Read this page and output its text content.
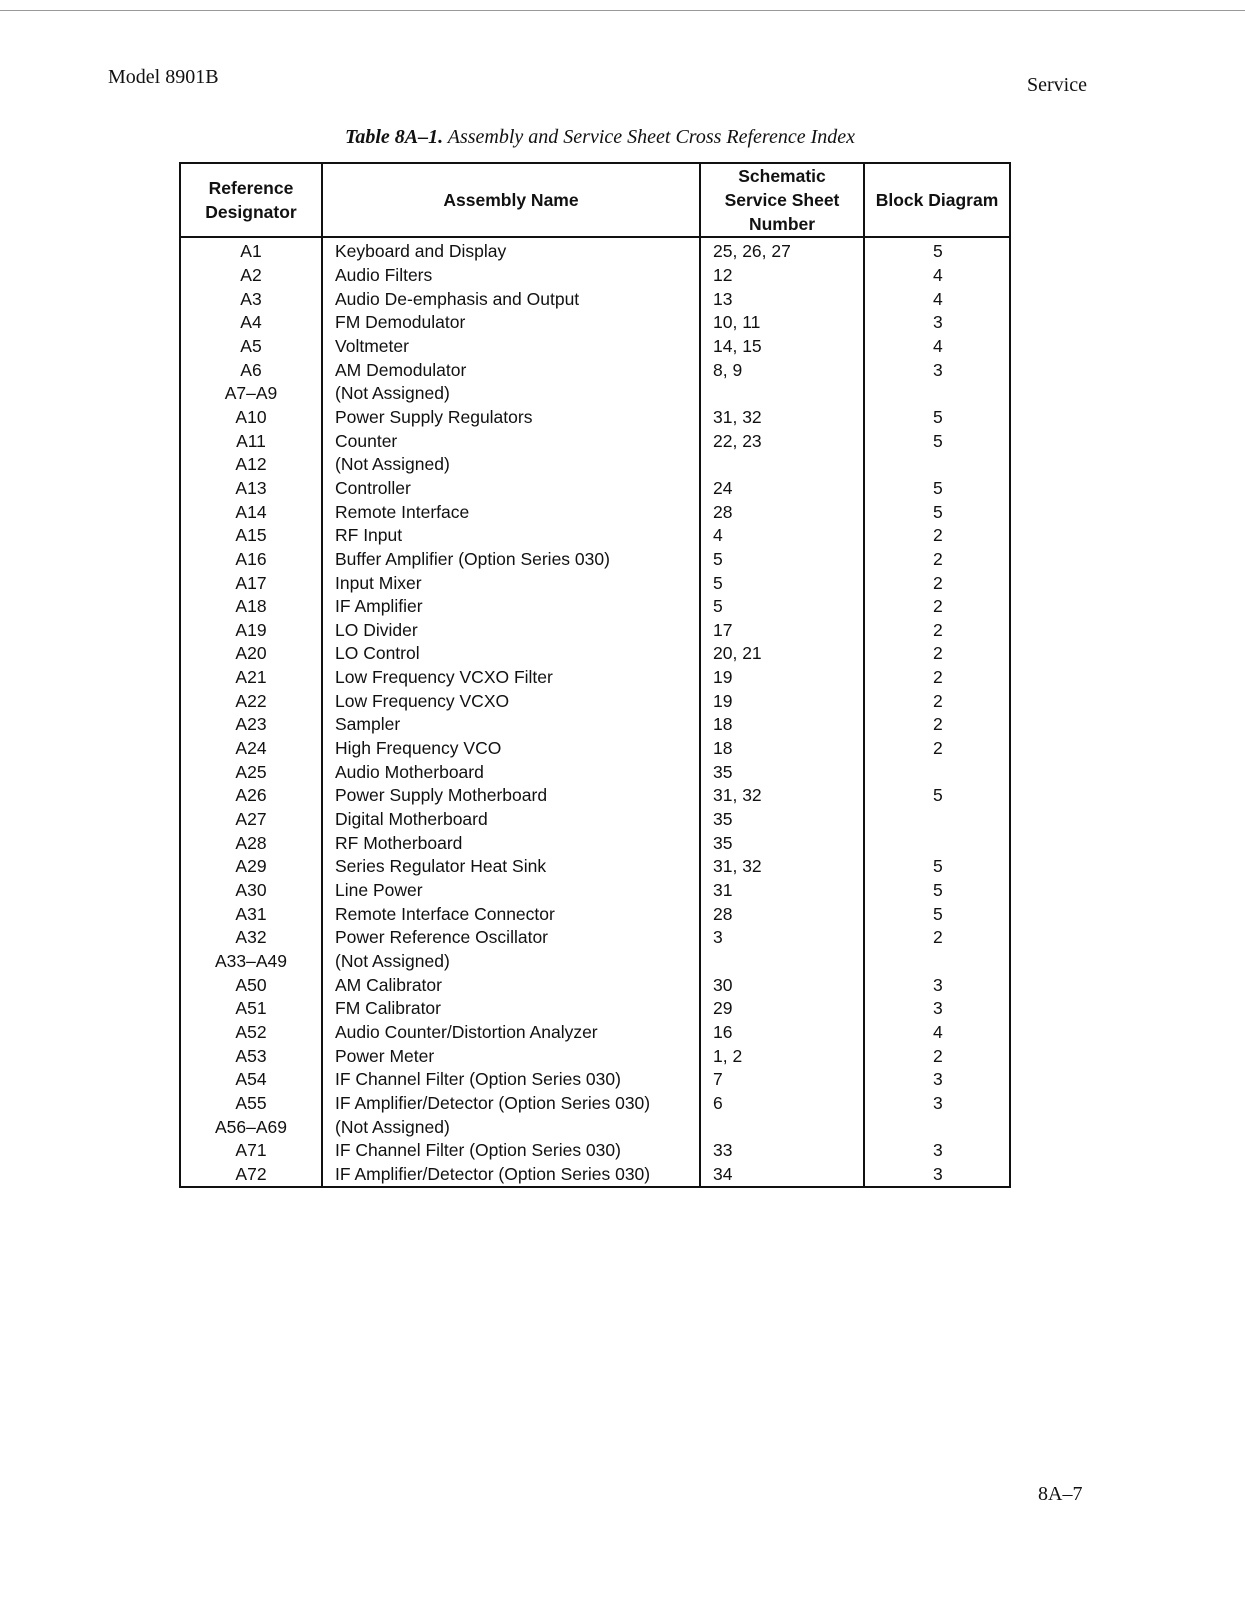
Model 8901B	Service
Table 8A–1. Assembly and Service Sheet Cross Reference Index
Reference Designator	Assembly Name	Schematic Service Sheet Number	Block Diagram
A1	Keyboard and Display	25, 26, 27	5
A2	Audio Filters	12	4
A3	Audio De-emphasis and Output	13	4
A4	FM Demodulator	10, 11	3
A5	Voltmeter	14, 15	4
A6	AM Demodulator	8, 9	3
A7–A9	(Not Assigned)		
A10	Power Supply Regulators	31, 32	5
A11	Counter	22, 23	5
A12	(Not Assigned)		
A13	Controller	24	5
A14	Remote Interface	28	5
A15	RF Input	4	2
A16	Buffer Amplifier (Option Series 030)	5	2
A17	Input Mixer	5	2
A18	IF Amplifier	5	2
A19	LO Divider	17	2
A20	LO Control	20, 21	2
A21	Low Frequency VCXO Filter	19	2
A22	Low Frequency VCXO	19	2
A23	Sampler	18	2
A24	High Frequency VCO	18	2
A25	Audio Motherboard	35	
A26	Power Supply Motherboard	31, 32	5
A27	Digital Motherboard	35	
A28	RF Motherboard	35	
A29	Series Regulator Heat Sink	31, 32	5
A30	Line Power	31	5
A31	Remote Interface Connector	28	5
A32	Power Reference Oscillator	3	2
A33–A49	(Not Assigned)		
A50	AM Calibrator	30	3
A51	FM Calibrator	29	3
A52	Audio Counter/Distortion Analyzer	16	4
A53	Power Meter	1, 2	2
A54	IF Channel Filter (Option Series 030)	7	3
A55	IF Amplifier/Detector (Option Series 030)	6	3
A56–A69	(Not Assigned)		
A71	IF Channel Filter (Option Series 030)	33	3
A72	IF Amplifier/Detector (Option Series 030)	34	3
8A–7
